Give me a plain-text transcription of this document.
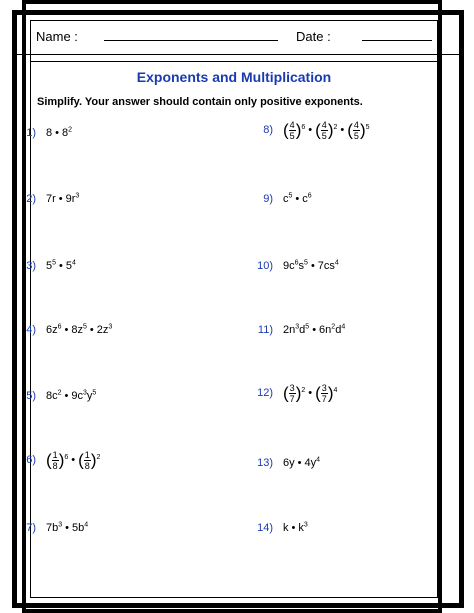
Name :	Date :
Exponents and Multiplication
Simplify. Your answer should contain only positive exponents.
1) 8 • $8^2$
2) 7r • $9r^3$
3) $5^5$ • $5^4$
4) $6z^6$ • $8z^5$ • $2z^3$
5) $8c^2$ • $9c^3y^5$
6) ( $\frac{1}{8} )^6$ • ( $\frac{1}{8} )^2$
7) $7b^3$ • $5b^4$
8) ( $\frac{4}{5} )^6$ • ( $\frac{4}{5} )^2$ • ( $\frac{4}{5} )^5$
9) $c^5$ • $c^6$
10) $9c^6s^5$ • $7cs^4$
11) $2n^3d^5$ • $6n^2d^4$
12) ( $\frac{3}{7} )^2$ • ( $\frac{3}{7} )^4$
13) 6y • $4y^4$
14) k • $k^3$
